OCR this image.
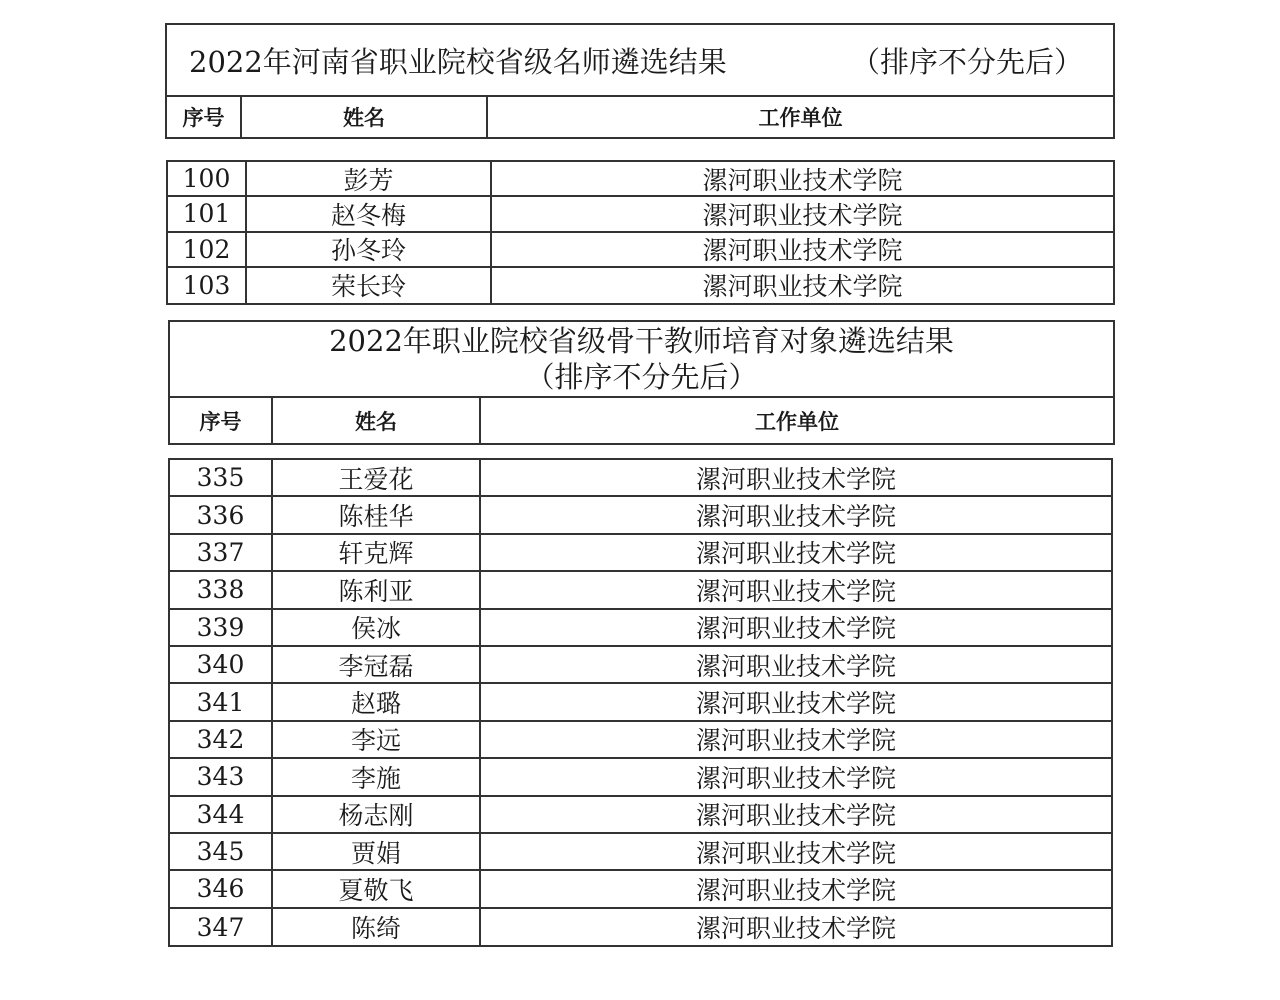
2022年河南省职业院校省级名师遴选结果	（排序不分先后）
序号	姓名	工作单位
100	彭芳	漯河职业技术学院
101	赵冬梅	漯河职业技术学院
102	孙冬玲	漯河职业技术学院
103	荣长玲	漯河职业技术学院
2022年职业院校省级骨干教师培育对象遴选结果
（排序不分先后）
序号	姓名	工作单位
335	王爱花	漯河职业技术学院
336	陈桂华	漯河职业技术学院
337	轩克辉	漯河职业技术学院
338	陈利亚	漯河职业技术学院
339	侯冰	漯河职业技术学院
340	李冠磊	漯河职业技术学院
341	赵璐	漯河职业技术学院
342	李远	漯河职业技术学院
343	李施	漯河职业技术学院
344	杨志刚	漯河职业技术学院
345	贾娟	漯河职业技术学院
346	夏敬飞	漯河职业技术学院
347	陈绮	漯河职业技术学院
